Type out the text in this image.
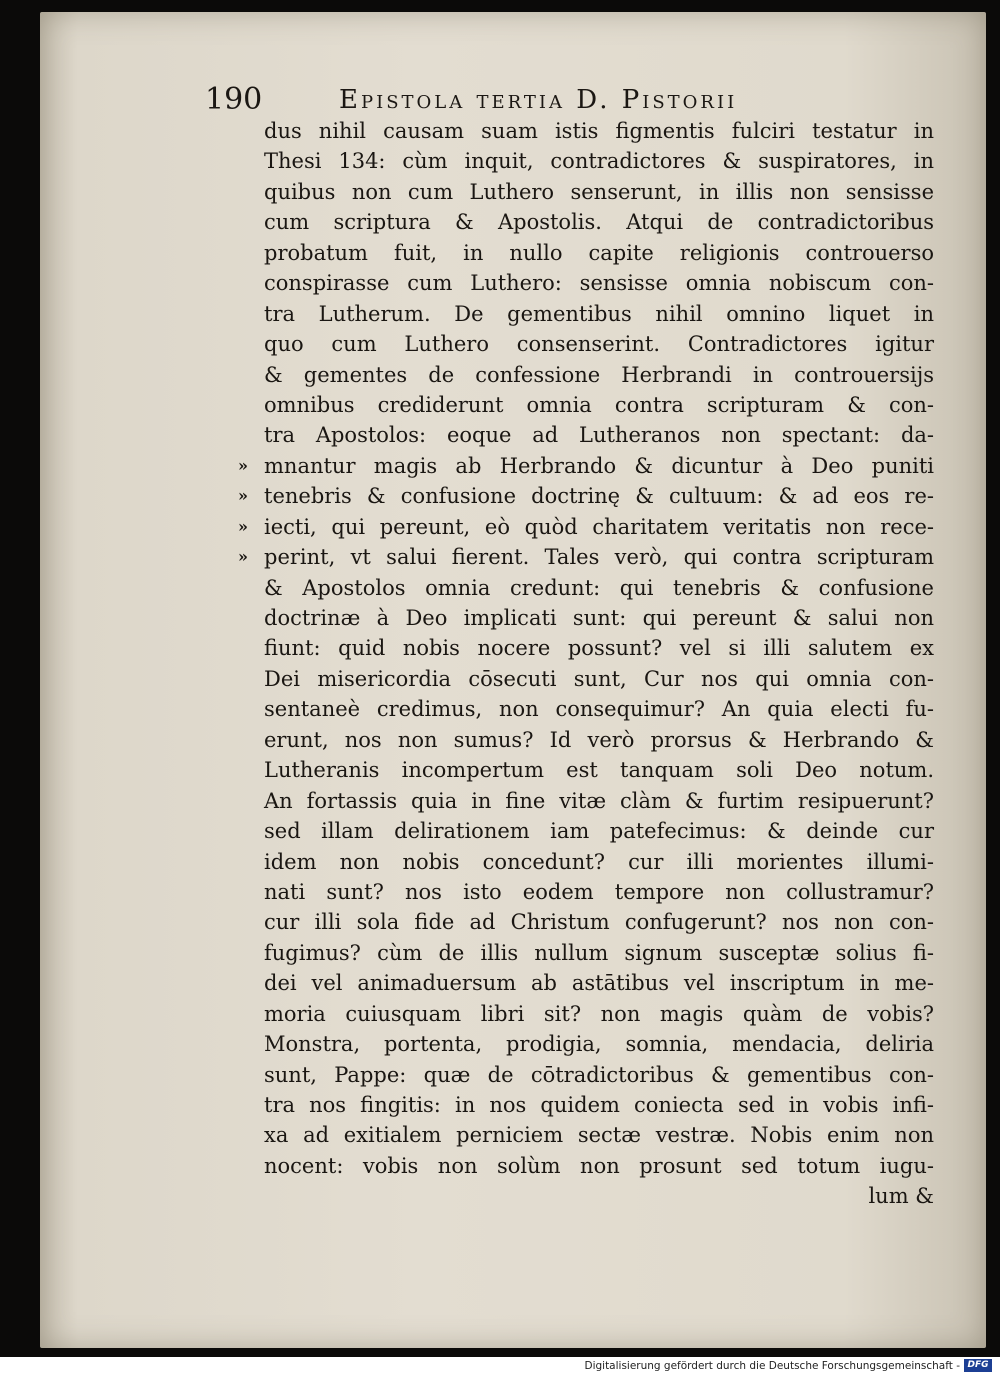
190	Epistola tertia D. Pistorii
dus nihil causam suam istis figmentis fulciri testatur in
Thesi 134: cùm inquit, contradictores & suspiratores, in
quibus non cum Luthero senserunt, in illis non sensisse
cum scriptura & Apostolis. Atqui de contradictoribus
probatum fuit, in nullo capite religionis controuerso
conspirasse cum Luthero: sensisse omnia nobiscum con-
tra Lutherum. De gementibus nihil omnino liquet in
quo cum Luthero consenserint. Contradictores igitur
& gementes de confessione Herbrandi in controuersijs
omnibus crediderunt omnia contra scripturam & con-
tra Apostolos: eoque ad Lutheranos non spectant: da-
» mnantur magis ab Herbrando & dicuntur à Deo puniti
» tenebris & confusione doctrinę & cultuum: & ad eos re-
» iecti, qui pereunt, eò quòd charitatem veritatis non rece-
» perint, vt salui fierent. Tales verò, qui contra scripturam
& Apostolos omnia credunt: qui tenebris & confusione
doctrinæ à Deo implicati sunt: qui pereunt & salui non
fiunt: quid nobis nocere possunt? vel si illi salutem ex
Dei misericordia cōsecuti sunt, Cur nos qui omnia con-
sentaneè credimus, non consequimur? An quia electi fu-
erunt, nos non sumus? Id verò prorsus & Herbrando &
Lutheranis incompertum est tanquam soli Deo notum.
An fortassis quia in fine vitæ clàm & furtim resipuerunt?
sed illam delirationem iam patefecimus: & deinde cur
idem non nobis concedunt? cur illi morientes illumi-
nati sunt? nos isto eodem tempore non collustramur?
cur illi sola fide ad Christum confugerunt? nos non con-
fugimus? cùm de illis nullum signum susceptæ solius fi-
dei vel animaduersum ab astātibus vel inscriptum in me-
moria cuiusquam libri sit? non magis quàm de vobis?
Monstra, portenta, prodigia, somnia, mendacia, deliria
sunt, Pappe: quæ de cōtradictoribus & gementibus con-
tra nos fingitis: in nos quidem coniecta sed in vobis infi-
xa ad exitialem perniciem sectæ vestræ. Nobis enim non
nocent: vobis non solùm non prosunt sed totum iugu-
lum &
Digitalisierung gefördert durch die Deutsche Forschungsgemeinschaft - DFG
